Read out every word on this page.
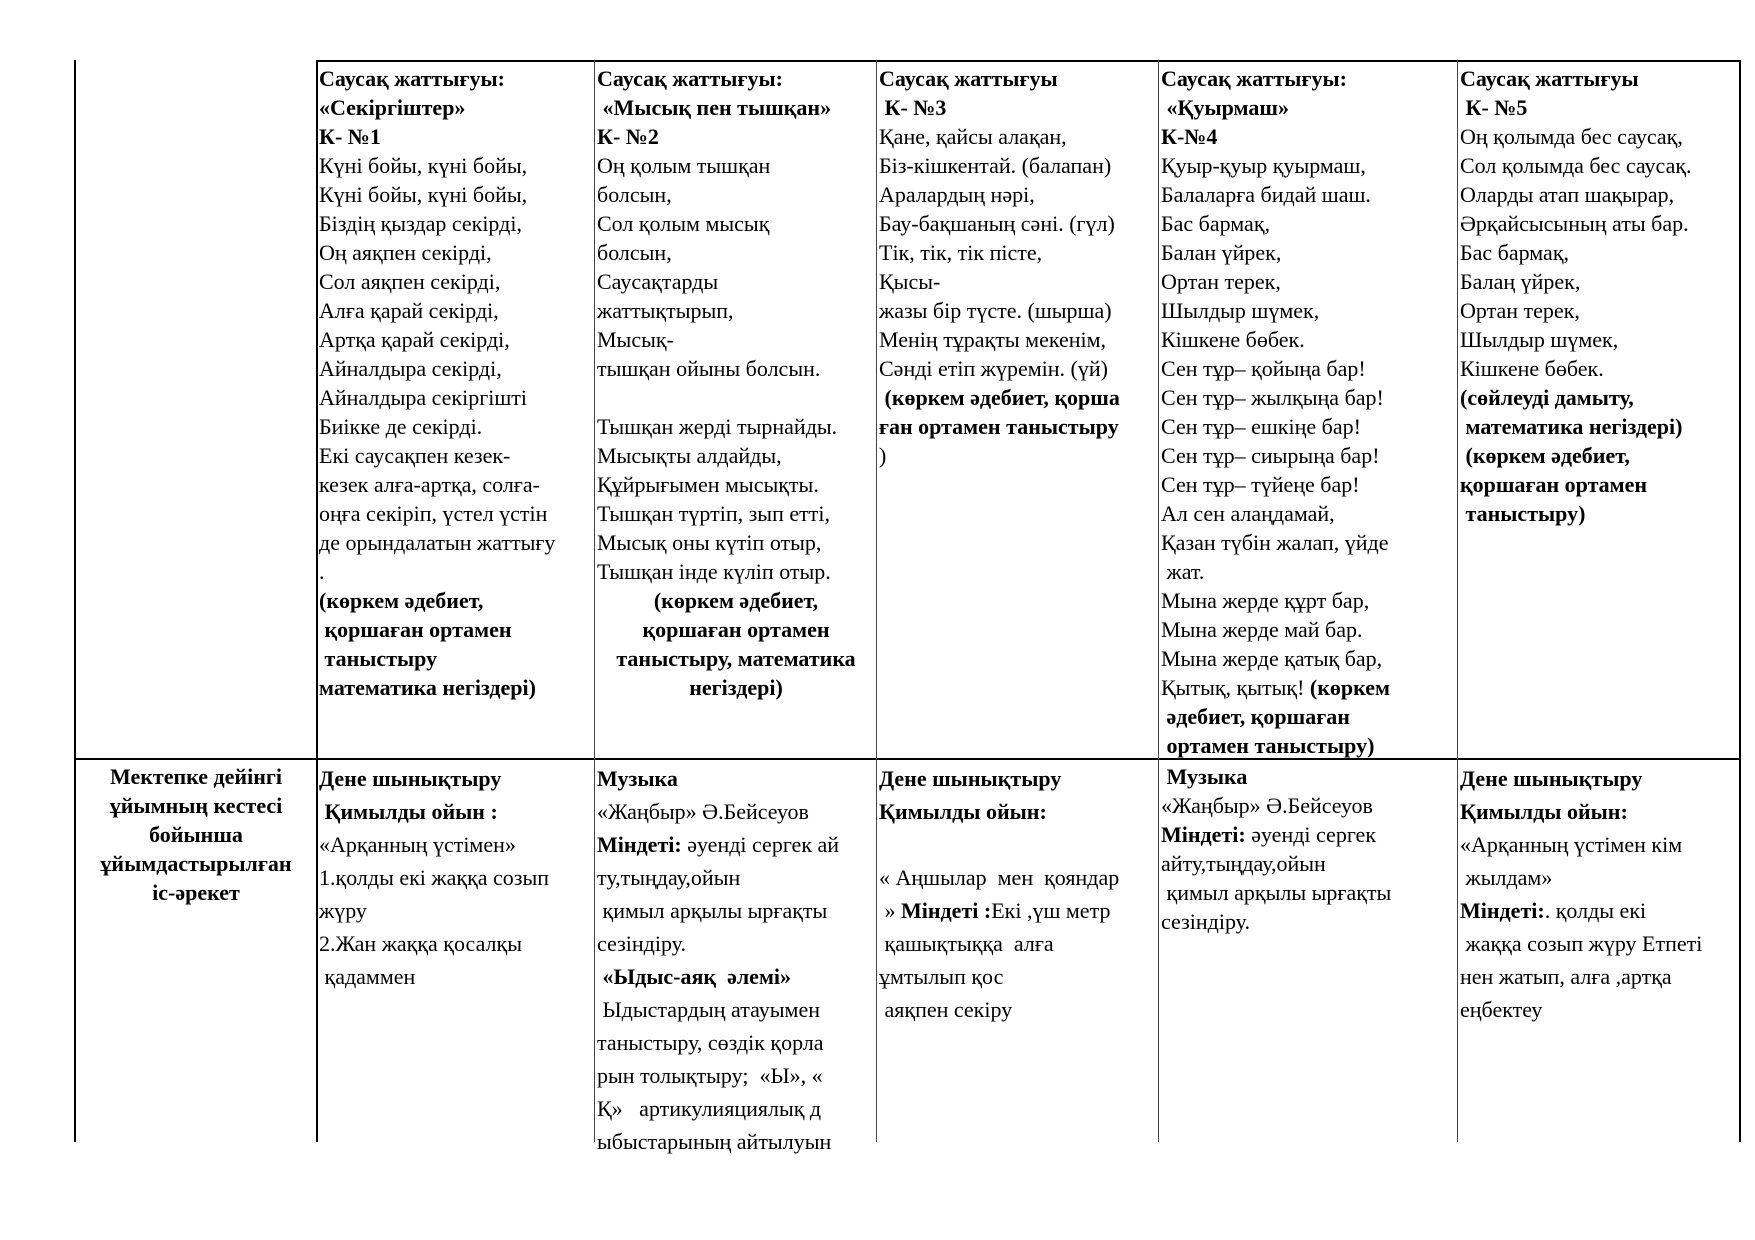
Саусақ жаттығуы:
«Секіргіштер»
К- №1
Күні бойы, күні бойы,
Күні бойы, күні бойы,
Біздің қыздар секірді,
Оң аяқпен секірді,
Сол аяқпен секірді,
Алға қарай секірді,
Артқа қарай секірді,
Айналдыра секірді,
Айналдыра секіргішті
Биікке де секірді.
Екі саусақпен кезек-
кезек алға-артқа, солға-
оңға секіріп, үстел үстін
де орындалатын жаттығу
.
(көркем әдебиет,
қоршаған ортамен
таныстыру
математика негіздері)
Саусақ жаттығуы:
«Мысық пен тышқан»
К- №2
Оң қолым тышқан
болсын,
Сол қолым мысық
болсын,
Саусақтарды
жаттықтырып,
Мысық-
тышқан ойыны болсын.

Тышқан жерді тырнайды.
Мысықты алдайды,
Құйрығымен мысықты.
Тышқан түртіп, зып етті,
Мысық оны күтіп отыр,
Тышқан інде күліп отыр.
(көркем әдебиет,
қоршаған ортамен
таныстыру, математика
негіздері)
Саусақ жаттығуы
К- №3
Қане, қайсы алақан,
Біз-кішкентай. (балапан)
Аралардың нәрі,
Бау-бақшаның сәні. (гүл)
Тік, тік, тік пісте,
Қысы-
жазы бір түсте. (шырша)
Менің тұрақты мекенім,
Сәнді етіп жүремін. (үй)
(көркем әдебиет, қорша
ған ортамен таныстыру
)
Саусақ жаттығуы:
«Қуырмаш»
К-№4
Қуыр-қуыр қуырмаш,
Балаларға бидай шаш.
Бас бармақ,
Балан үйрек,
Ортан терек,
Шылдыр шүмек,
Кішкене бөбек.
Сен тұр– қойыңа бар!
Сен тұр– жылқыңа бар!
Сен тұр– ешкіңе бар!
Сен тұр– сиырыңа бар!
Сен тұр– түйеңе бар!
Ал сен алаңдамай,
Қазан түбін жалап, үйде
жат.
Мына жерде құрт бар,
Мына жерде май бар.
Мына жерде қатық бар,
Қытық, қытық! (көркем
әдебиет, қоршаған
ортамен таныстыру)
Саусақ жаттығуы
К- №5
Оң қолымда бес саусақ,
Сол қолымда бес саусақ.
Оларды атап шақырар,
Әрқайсысының аты бар.
Бас бармақ,
Балаң үйрек,
Ортан терек,
Шылдыр шүмек,
Кішкене бөбек.
(сөйлеуді дамыту,
математика негіздері)
(көркем әдебиет,
қоршаған ортамен
таныстыру)
Мектепке дейінгі
ұйымның кестесі
бойынша
ұйымдастырылған
іс-әрекет
Дене шынықтыру
Қимылды ойын :
«Арқанның үстімен»
1.қолды екі жаққа созып
жүру
2.Жан жаққа қосалқы
қадаммен
Музыка
«Жаңбыр» Ә.Бейсеуов
Міндеті: әуенді сергек ай
ту,тыңдау,ойын
қимыл арқылы ырғақты
сезіндіру.
«Ыдыс-аяқ  әлемі»
Ыдыстардың атауымен
таныстыру, сөздік қорла
рын толықтыру;  «Ы», «
Қ»   артикулияциялық д
ыбыстарының айтылуын
Дене шынықтыру
Қимылды ойын:

« Аңшылар  мен  қояндар
» Міндеті :Екі ,үш метр
қашықтыққа  алға
ұмтылып қос
аяқпен секіру
Музыка
«Жаңбыр» Ә.Бейсеуов
Міндеті: әуенді сергек
айту,тыңдау,ойын
қимыл арқылы ырғақты
сезіндіру.
Дене шынықтыру
Қимылды ойын:
«Арқанның үстімен кім
жылдам»
Міндеті:. қолды екі
жаққа созып жүру Етпеті
нен жатып, алға ,артқа
еңбектеу
